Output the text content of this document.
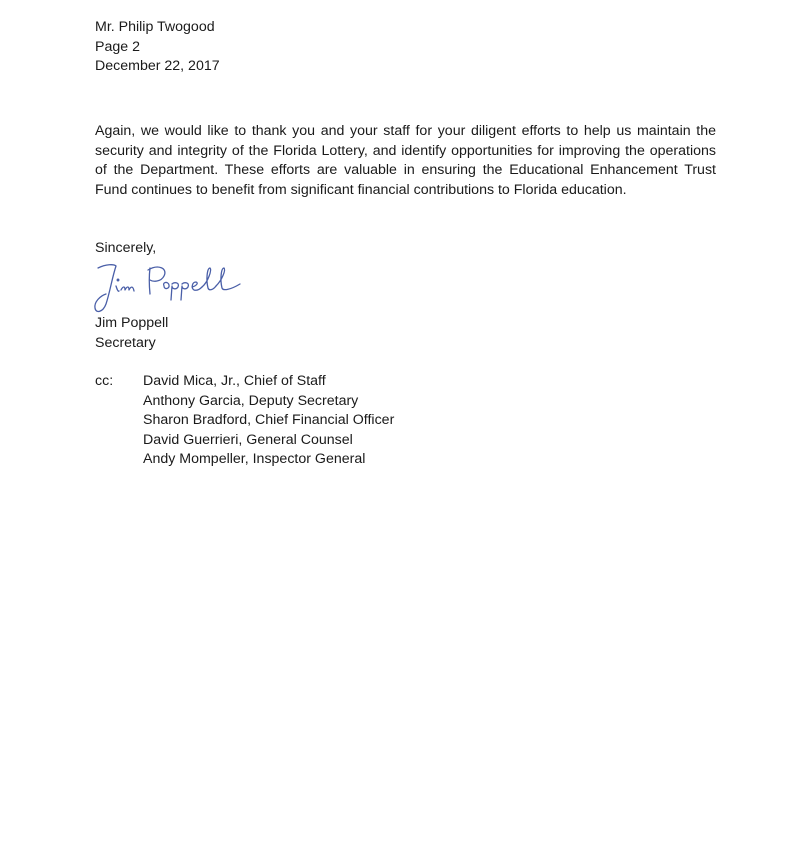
Mr. Philip Twogood
Page 2
December 22, 2017
Again, we would like to thank you and your staff for your diligent efforts to help us maintain the security and integrity of the Florida Lottery, and identify opportunities for improving the operations of the Department. These efforts are valuable in ensuring the Educational Enhancement Trust Fund continues to benefit from significant financial contributions to Florida education.
Sincerely,
Jim Poppell
Secretary
cc: David Mica, Jr., Chief of Staff
Anthony Garcia, Deputy Secretary
Sharon Bradford, Chief Financial Officer
David Guerrieri, General Counsel
Andy Mompeller, Inspector General
